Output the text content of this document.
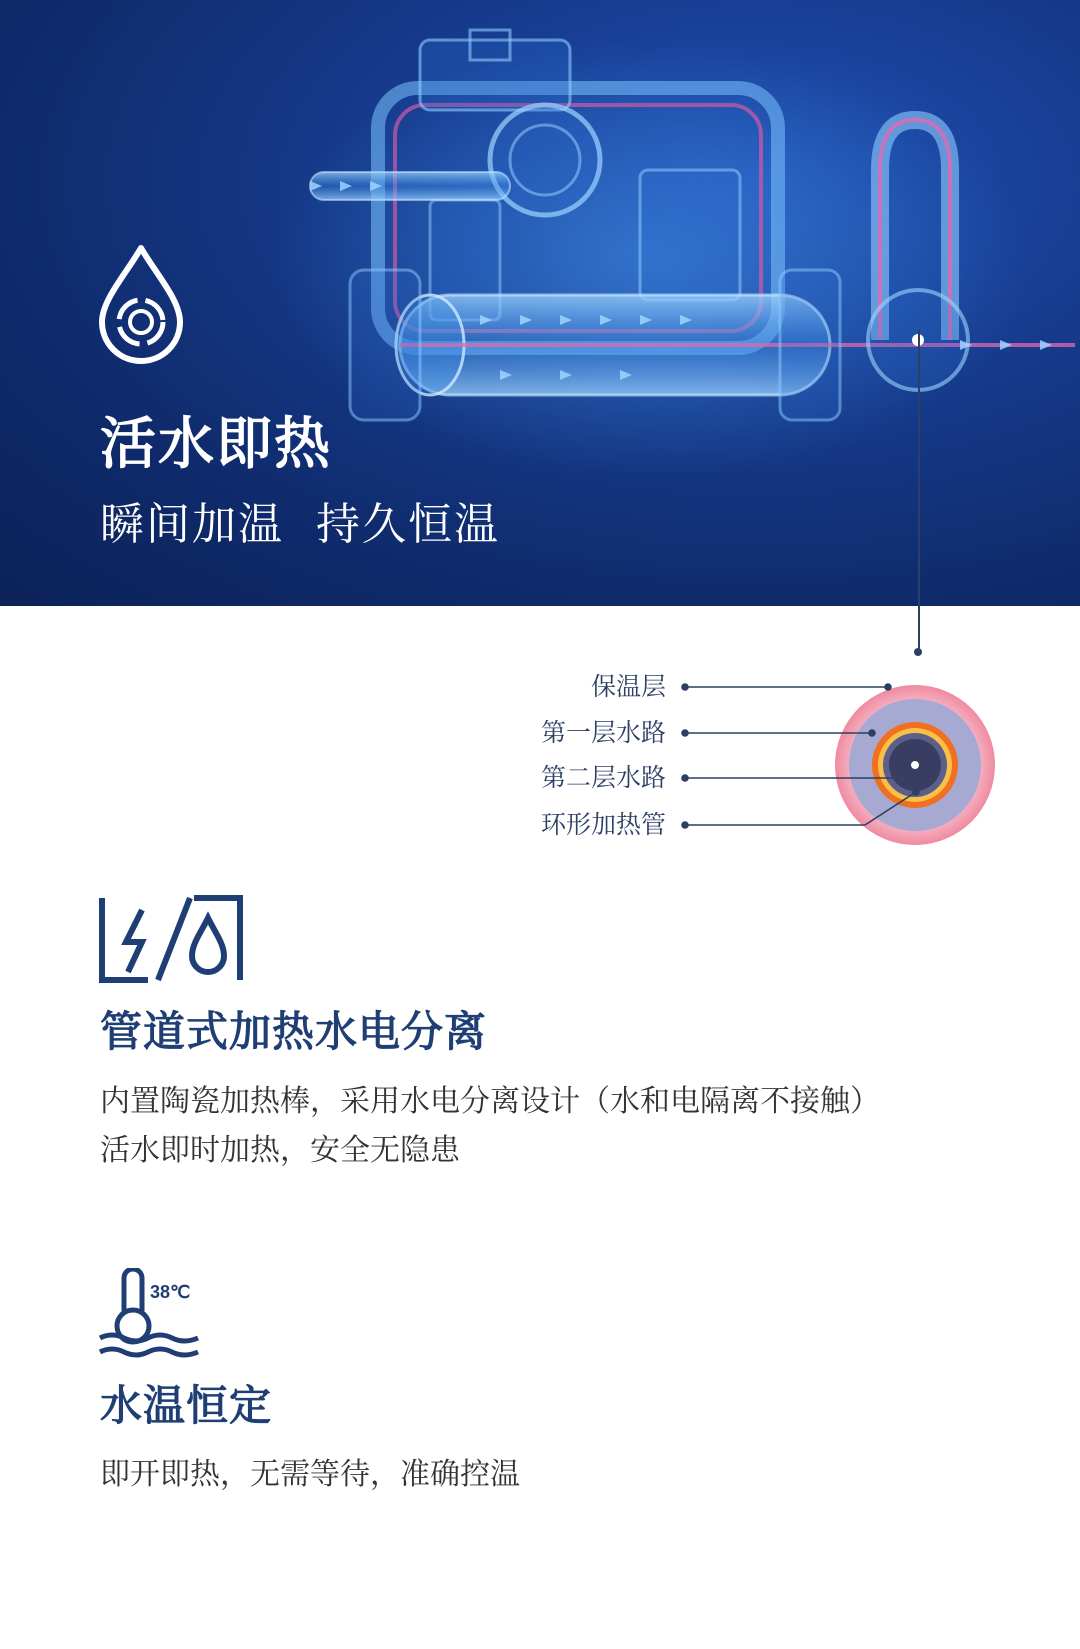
活水即热
瞬间加温  持久恒温
保温层
第一层水路
第二层水路
环形加热管
管道式加热水电分离
内置陶瓷加热棒，采用水电分离设计（水和电隔离不接触）
活水即时加热，安全无隐患
38℃
水温恒定
即开即热，无需等待，准确控温
